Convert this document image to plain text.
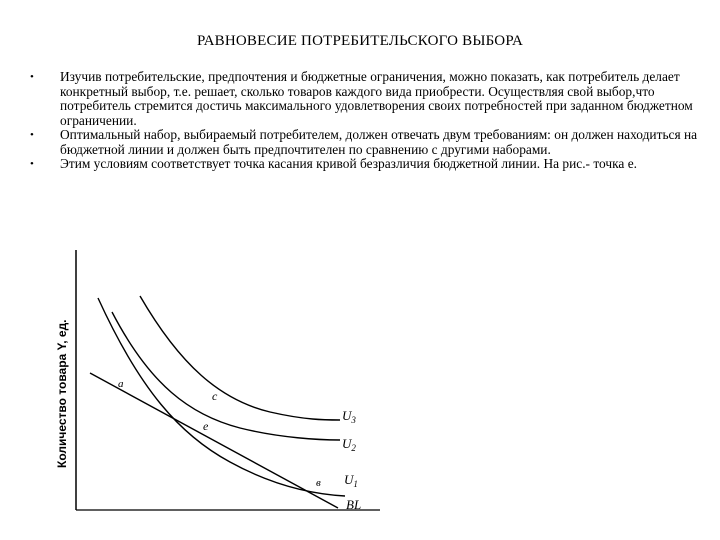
РАВНОВЕСИЕ ПОТРЕБИТЕЛЬСКОГО ВЫБОРА
• Изучив потребительские, предпочтения и бюджетные ограничения, можно показать, как потребитель делает конкретный выбор, т.е. решает, сколько товаров каждого вида приобрести. Осуществляя свой выбор,что потребитель стремится достичь максимального удовлетворения своих потребностей при заданном бюджетном ограничении.
• Оптимальный набор, выбираемый потребителем, должен отвечать двум требованиям: он должен находиться на бюджетной линии и должен быть предпочтителен по сравнению с другими наборами.
• Этим условиям соответствует точка касания кривой безразличия бюджетной линии. На рис.- точка е.
Количество товара Y, ед.	a
c
e
в
$U_3$
$U_2$
$U_1$
BL
